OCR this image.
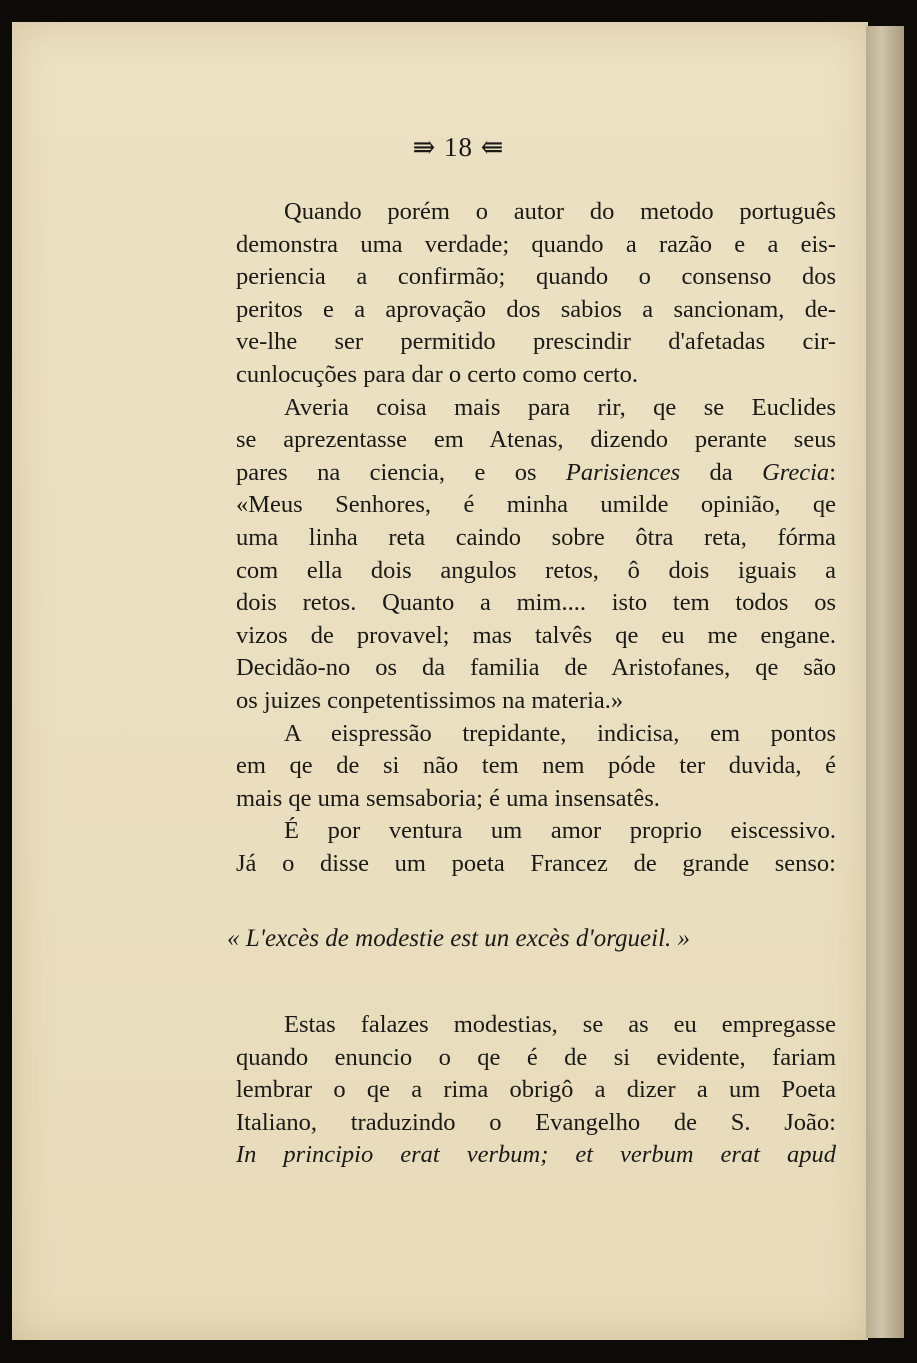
⇛ 18 ⇚

Quando porém o autor do metodo português

demonstra uma verdade; quando a razão e a eis-

periencia a confirmão; quando o consenso dos

peritos e a aprovação dos sabios a sancionam, de-

ve-lhe ser permitido prescindir d'afetadas cir-

cunlocuções para dar o certo como certo.

Averia coisa mais para rir, qe se Euclides

se aprezentasse em Atenas, dizendo perante seus

pares na ciencia, e os Parisiences da Grecia:

«Meus Senhores, é minha umilde opinião, qe

uma linha reta caindo sobre ôtra reta, fórma

com ella dois angulos retos, ô dois iguais a

dois retos. Quanto a mim.... isto tem todos os

vizos de provavel; mas talvês qe eu me engane.

Decidão-no os da familia de Aristofanes, qe são

os juizes conpetentissimos na materia.»

A eispressão trepidante, indicisa, em pontos

em qe de si não tem nem póde ter duvida, é

mais qe uma semsaboria; é uma insensatês.

É por ventura um amor proprio eiscessivo.

Já o disse um poeta Francez de grande senso:

« L'excès de modestie est un excès d'orgueil. »

Estas falazes modestias, se as eu empregasse

quando enuncio o qe é de si evidente, fariam

lembrar o qe a rima obrigô a dizer a um Poeta

Italiano, traduzindo o Evangelho de S. João:

In principio erat verbum; et verbum erat apud
